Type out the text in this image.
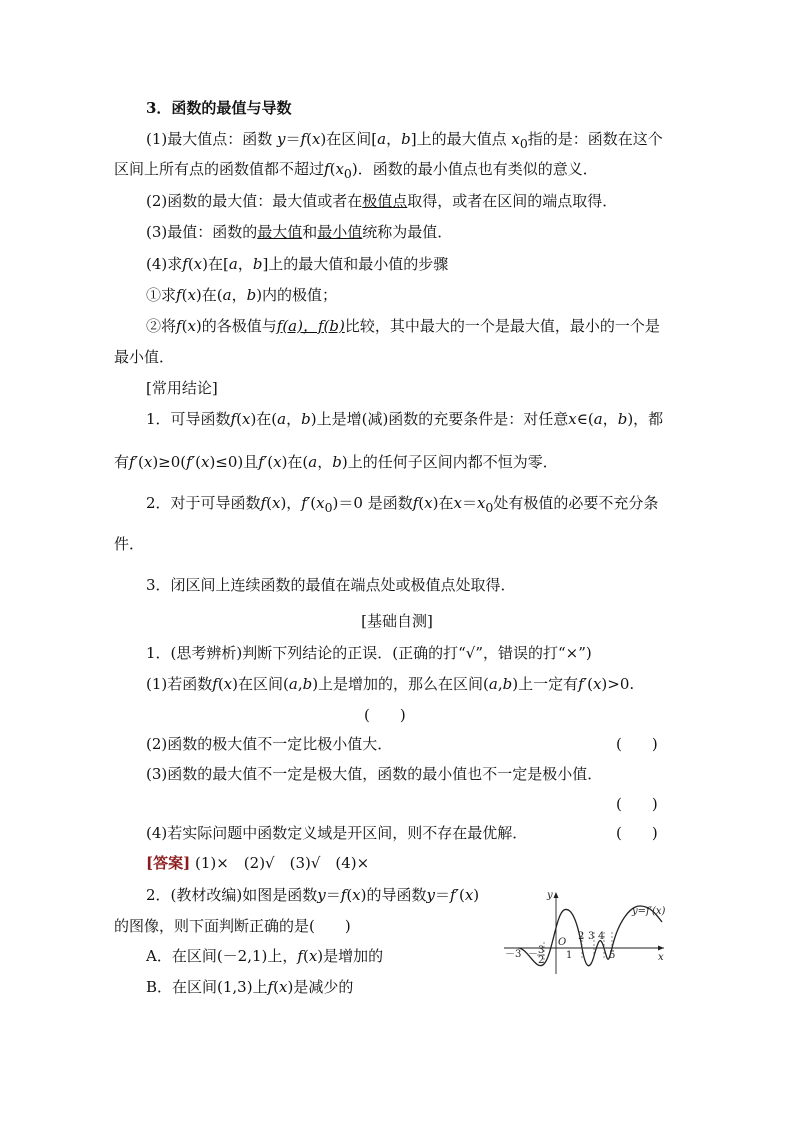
3．函数的最值与导数
(1)最大值点：函数 y＝f(x)在区间[a，b]上的最大值点 $x_0$指的是：函数在这个
区间上所有点的函数值都不超过$f(x_0)$．函数的最小值点也有类似的意义．
(2)函数的最大值：最大值或者在极值点取得，或者在区间的端点取得．
(3)最值：函数的最大值和最小值统称为最值．
(4)求f(x)在[a，b]上的最大值和最小值的步骤
①求f(x)在(a，b)内的极值；
②将f(x)的各极值与f(a)，f(b)比较，其中最大的一个是最大值，最小的一个是
最小值．
[常用结论]
1．可导函数f(x)在(a，b)上是增(减)函数的充要条件是：对任意x∈(a，b)，都
有f′(x)≥0(f′(x)≤0)且f′(x)在(a，b)上的任何子区间内都不恒为零．
2．对于可导函数f(x)，$f'(x_0)=0$ 是函数f(x)在$x=x_0$处有极值的必要不充分条
件．
3．闭区间上连续函数的最值在端点处或极值点处取得．
[基础自测]
1．(思考辨析)判断下列结论的正误．(正确的打“√”，错误的打“×”)
(1)若函数f(x)在区间(a,b)上是增加的，那么在区间(a,b)上一定有f′(x)>0.
(　　)
(2)函数的极大值不一定比极小值大．	(　　)
(3)函数的最大值不一定是极大值，函数的最小值也不一定是极小值．
(　　)
(4)若实际问题中函数定义域是开区间，则不存在最优解．	(　　)
[答案] (1)×　(2)√　(3)√　(4)×
2．(教材改编)如图是函数y＝f(x)的导函数y＝f′(x)
的图像，则下面判断正确的是(　　)
A．在区间(－2,1)上，f(x)是增加的
B．在区间(1,3)上f(x)是减少的
y
x
y=f′(x)
O
－3 － 3
2 1
2 3 4
5
